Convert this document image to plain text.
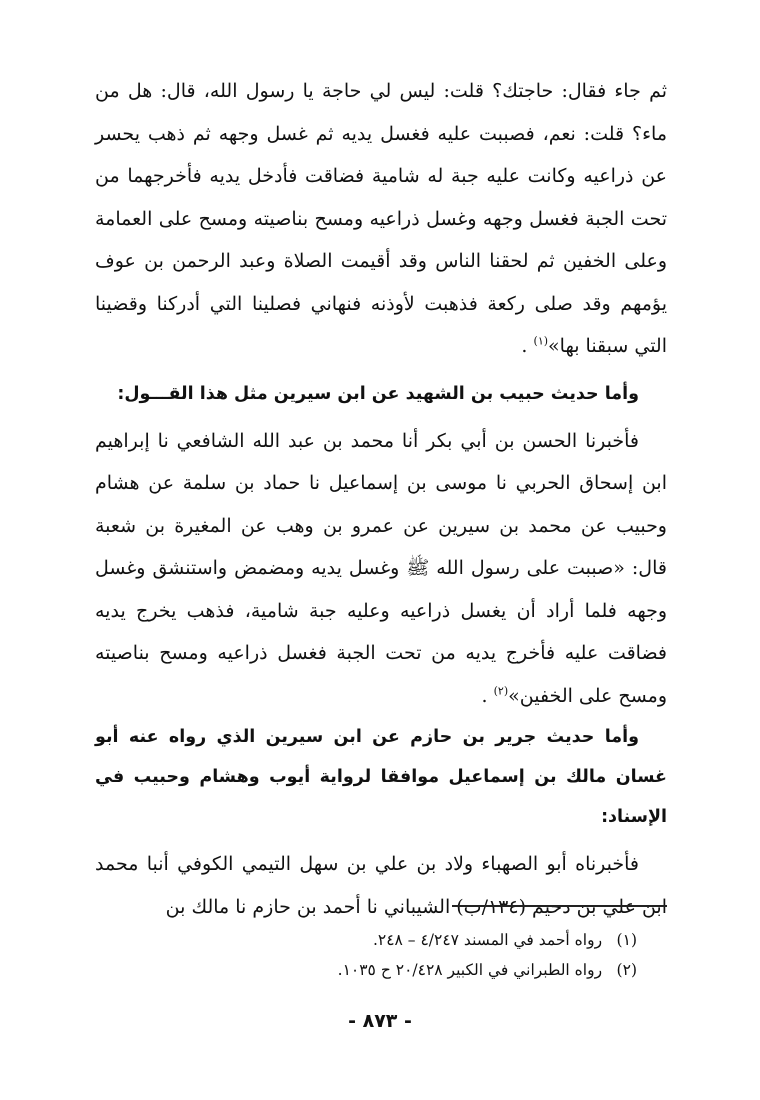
ثم جاء فقال: حاجتك؟ قلت: ليس لي حاجة يا رسول الله، قال: هل من ماء؟ قلت: نعم، فصببت عليه فغسل يديه ثم غسل وجهه ثم ذهب يحسر عن ذراعيه وكانت عليه جبة له شامية فضاقت فأدخل يديه فأخرجهما من تحت الجبة فغسل وجهه وغسل ذراعيه ومسح بناصيته ومسح على العمامة وعلى الخفين ثم لحقنا الناس وقد أقيمت الصلاة وعبد الرحمن بن عوف يؤمهم وقد صلى ركعة فذهبت لأوذنه فنهاني فصلينا التي أدركنا وقضينا التي سبقنا بها»$^{(١)}$ .

وأما حديث حبيب بن الشهيد عن ابن سيرين مثل هذا القـــول:

فأخبرنا الحسن بن أبي بكر أنا محمد بن عبد الله الشافعي نا إبراهيم ابن إسحاق الحربي نا موسى بن إسماعيل نا حماد بن سلمة عن هشام وحبيب عن محمد بن سيرين عن عمرو بن وهب عن المغيرة بن شعبة قال: «صببت على رسول الله ﷺ وغسل يديه ومضمض واستنشق وغسل وجهه فلما أراد أن يغسل ذراعيه وعليه جبة شامية، فذهب يخرج يديه فضاقت عليه فأخرج يديه من تحت الجبة فغسل ذراعيه ومسح بناصيته ومسح على الخفين»$^{(٢)}$ .

وأما حديث جرير بن حازم عن ابن سيرين الذي رواه عنه أبو غسان مالك بن إسماعيل موافقا لرواية أيوب وهشام وحبيب في الإسناد:

فأخبرناه أبو الصهباء ولاد بن علي بن سهل التيمي الكوفي أنبا محمد ابن علي بن دحيم (١٣٤/ب) الشيباني نا أحمد بن حازم نا مالك بن

(١) رواه أحمد في المسند ٤/٢٤٧ – ٢٤٨.

(٢) رواه الطبراني في الكبير ٢٠/٤٢٨ ح ١٠٣٥.

- ٨٧٣ -
